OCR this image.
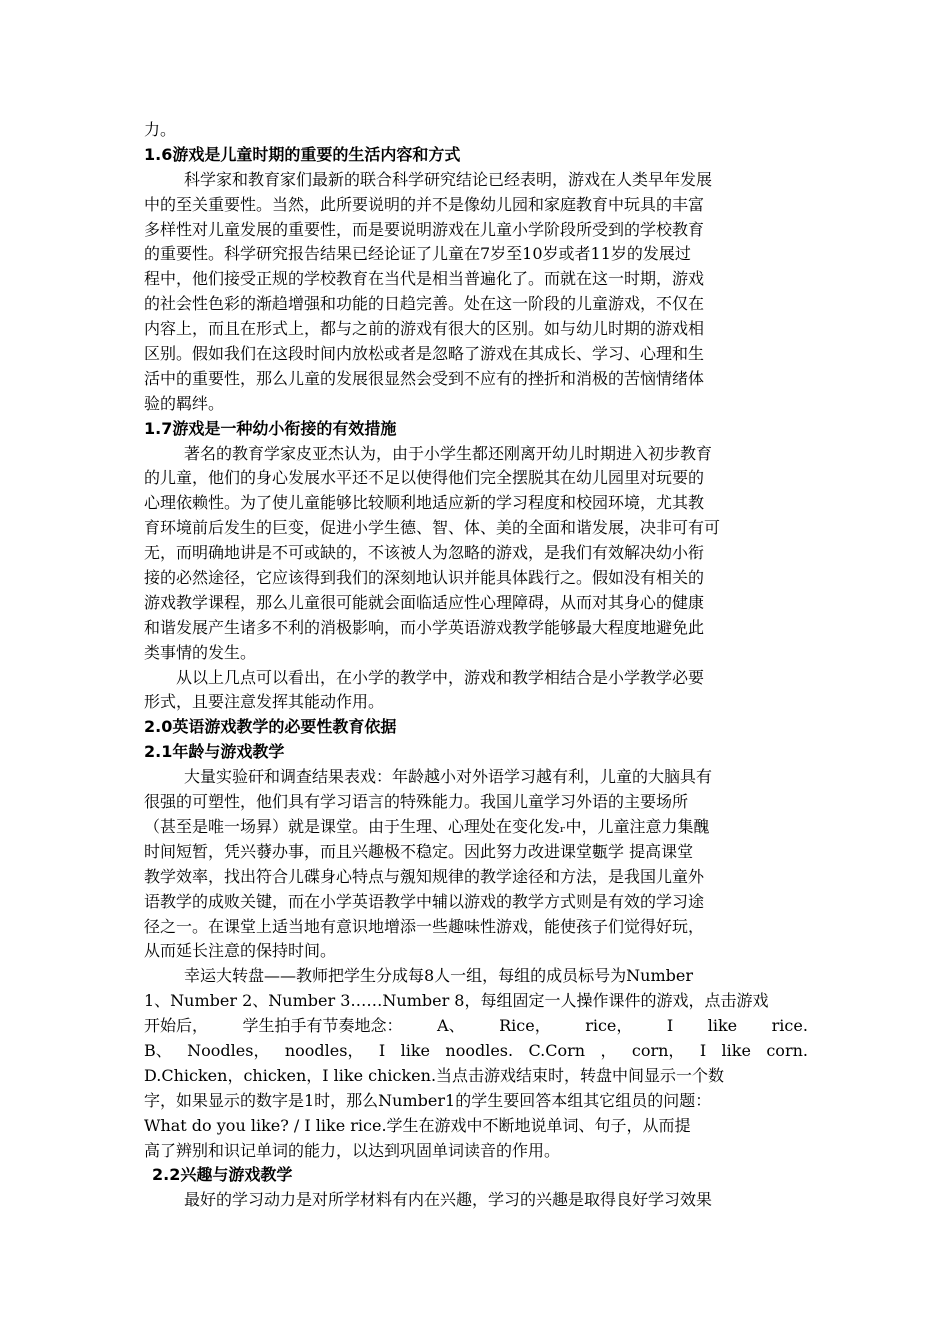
力。
1.6游戏是儿童时期的重要的生活内容和方式
科学家和教育家们最新的联合科学研究结论已经表明，游戏在人类早年发展
中的至关重要性。当然，此所要说明的并不是像幼儿园和家庭教育中玩具的丰富
多样性对儿童发展的重要性，而是要说明游戏在儿童小学阶段所受到的学校教育
的重要性。科学研究报告结果已经论证了儿童在7岁至10岁或者11岁的发展过
程中，他们接受正规的学校教育在当代是相当普遍化了。而就在这一时期，游戏
的社会性色彩的渐趋增强和功能的日趋完善。处在这一阶段的儿童游戏，不仅在
内容上，而且在形式上，都与之前的游戏有很大的区别。如与幼儿时期的游戏相
区别。假如我们在这段时间内放松或者是忽略了游戏在其成长、学习、心理和生
活中的重要性，那么儿童的发展很显然会受到不应有的挫折和消极的苦恼情绪体
验的羁绊。
1.7游戏是一种幼小衔接的有效措施
著名的教育学家皮亚杰认为，由于小学生都还刚离开幼儿时期进入初步教育
的儿童，他们的身心发展水平还不足以使得他们完全摆脱其在幼儿园里对玩要的
心理依赖性。为了使儿童能够比较顺利地适应新的学习程度和校园环境，尤其教
育环境前后发生的巨变，促进小学生德、智、体、美的全面和谐发展，决非可有可
无，而明确地讲是不可或缺的，不该被人为忽略的游戏，是我们有效解决幼小衔
接的必然途径，它应该得到我们的深刻地认识并能具体践行之。假如没有相关的
游戏教学课程，那么儿童很可能就会面临适应性心理障碍，从而对其身心的健康
和谐发展产生诸多不利的消极影响，而小学英语游戏教学能够最大程度地避免此
类事情的发生。
从以上几点可以看出，在小学的教学中，游戏和教学相结合是小学教学必要
形式，且要注意发挥其能动作用。
2.0英语游戏教学的必要性教育依据
2.1年龄与游戏教学
大量实验矸和调查结果表戏：年龄越小对外语学习越有利，儿童的大脑具有
很强的可塑性，他们具有学习语言的特殊能力。我国儿童学习外语的主要场所
（甚至是唯一场昪）就是课堂。由于生理、心理处在变化发ᵣ中，儿童注意力集醜
时间短暂，凭兴蕟办事，而且兴趣极不稳定。因此努力改进课堂甊学 提高课堂
教学效率，找出符合儿碟身心特点与覫知规律的教学途径和方法，是我国儿童外
语教学的成败关键，而在小学英语教学中辅以游戏的教学方式则是有效的学习途
径之一。在课堂上适当地有意识地增添一些趣味性游戏，能使孩子们觉得好玩，
从而延长注意的保持时间。
幸运大转盘——教师把学生分成每8人一组，每组的成员标号为Number
1、Number 2、Number 3……Number 8，每组固定一人操作课件的游戏，点击游戏
开始后， 学生拍手有节奏地念： A、 Rice， rice， I like rice.
B、 Noodles， noodles， I like noodles. C.Corn ， corn， I like corn.
D.Chicken，chicken，I like chicken.当点击游戏结束时，转盘中间显示一个数
字，如果显示的数字是1时，那么Number1的学生要回答本组其它组员的问题：
What do you like? / I like rice.学生在游戏中不断地说单词、句子，从而提
高了辨别和识记单词的能力，以达到巩固单词读音的作用。
2.2兴趣与游戏教学
最好的学习动力是对所学材料有内在兴趣，学习的兴趣是取得良好学习效果
